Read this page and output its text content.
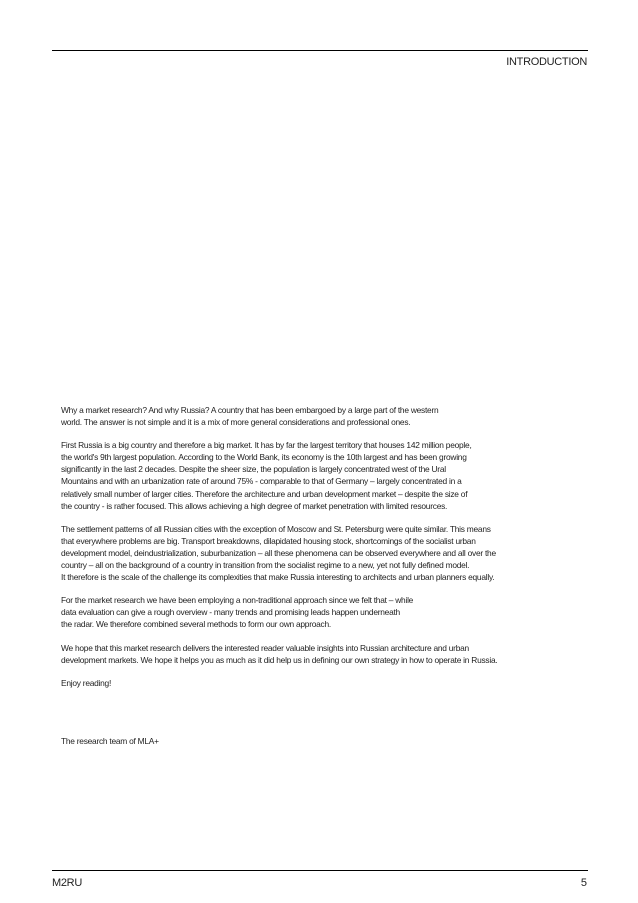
INTRODUCTION

Why a market research? And why Russia? A country that has been embargoed by a large part of the western
world. The answer is not simple and it is a mix of more general considerations and professional ones.

First Russia is a big country and therefore a big market. It has by far the largest territory that houses 142 million people,
the world's 9th largest population. According to the World Bank, its economy is the 10th largest and has been growing
significantly in the last 2 decades. Despite the sheer size, the population is largely concentrated west of the Ural
Mountains and with an urbanization rate of around 75% - comparable to that of Germany – largely concentrated in a
relatively small number of larger cities. Therefore the architecture and urban development market – despite the size of
the country - is rather focused. This allows achieving a high degree of market penetration with limited resources.

The settlement patterns of all Russian cities with the exception of Moscow and St. Petersburg were quite similar. This means
that everywhere problems are big. Transport breakdowns, dilapidated housing stock, shortcomings of the socialist urban
development model, deindustrialization, suburbanization – all these phenomena can be observed everywhere and all over the
country – all on the background of a country in transition from the socialist regime to a new, yet not fully defined model.
It therefore is the scale of the challenge its complexities that make Russia interesting to architects and urban planners equally.

For the market research we have been employing a non-traditional approach since we felt that – while
data evaluation can give a rough overview - many trends and promising leads happen underneath
the radar. We therefore combined several methods to form our own approach.

We hope that this market research delivers the interested reader valuable insights into Russian architecture and urban
development markets. We hope it helps you as much as it did help us in defining our own strategy in how to operate in Russia.

Enjoy reading!

The research team of MLA+

M2RU	5
